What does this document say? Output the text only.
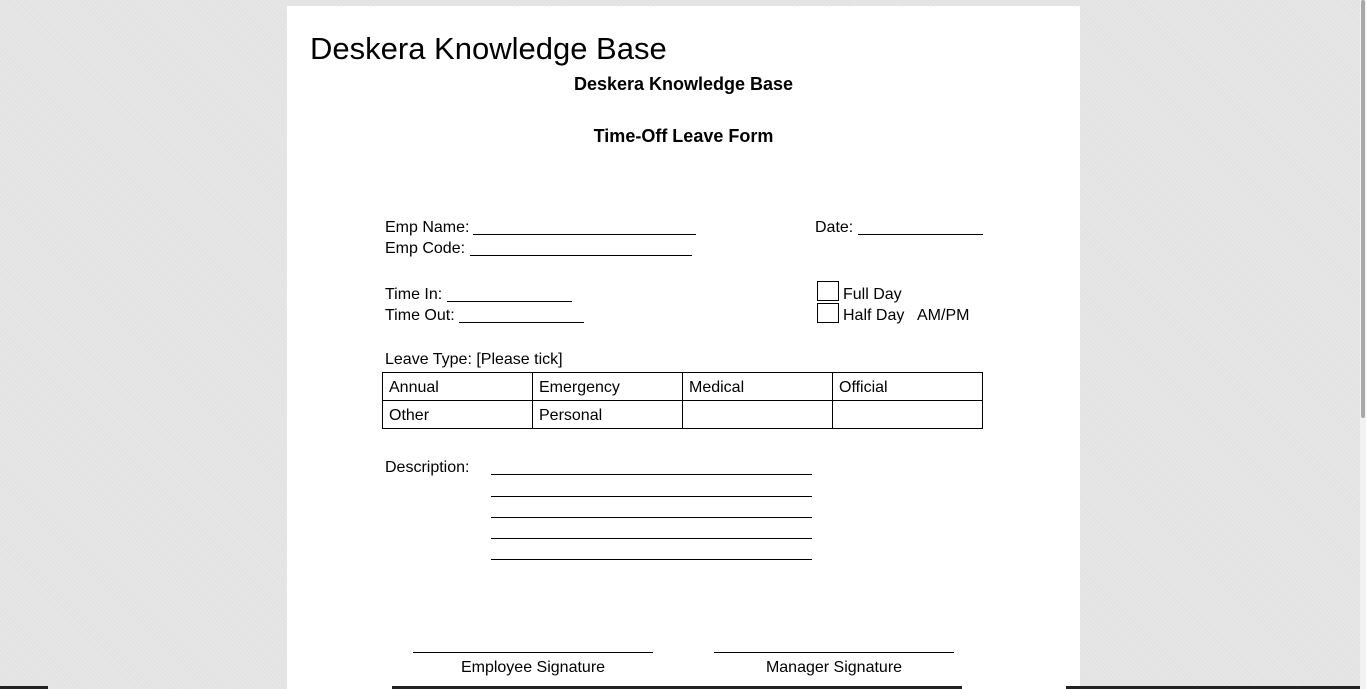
Deskera Knowledge Base
Deskera Knowledge Base
Time-Off Leave Form
Emp Name:
Emp Code:
Date:
Time In:
Time Out:
Full Day
Half Day AM/PM
Leave Type: [Please tick]
Annual	Emergency	Medical	Official
Other	Personal		
Description:
Employee Signature	Manager Signature
